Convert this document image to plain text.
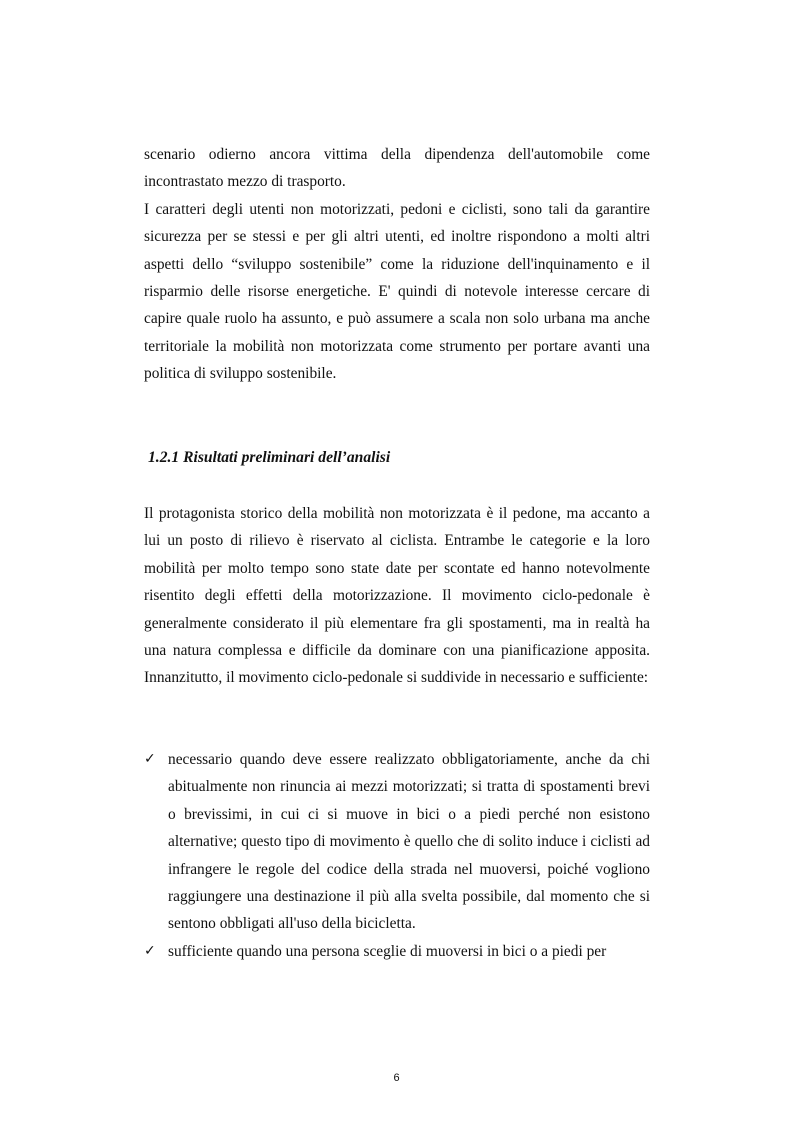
scenario odierno ancora vittima della dipendenza dell'automobile come incontrastato mezzo di trasporto.

I caratteri degli utenti non motorizzati, pedoni e ciclisti, sono tali da garantire sicurezza per se stessi e per gli altri utenti, ed inoltre rispondono a molti altri aspetti dello “sviluppo sostenibile” come la riduzione dell'inquinamento e il risparmio delle risorse energetiche. E' quindi di notevole interesse cercare di capire quale ruolo ha assunto, e può assumere a scala non solo urbana ma anche territoriale la mobilità non motorizzata come strumento per portare avanti una politica di sviluppo sostenibile.

1.2.1 Risultati preliminari dell’analisi
Il protagonista storico della mobilità non motorizzata è il pedone, ma accanto a lui un posto di rilievo è riservato al ciclista. Entrambe le categorie e la loro mobilità per molto tempo sono state date per scontate ed hanno notevolmente risentito degli effetti della motorizzazione. Il movimento ciclo-pedonale è generalmente considerato il più elementare fra gli spostamenti, ma in realtà ha una natura complessa e difficile da dominare con una pianificazione apposita. Innanzitutto, il movimento ciclo-pedonale si suddivide in necessario e sufficiente:
✓ necessario quando deve essere realizzato obbligatoriamente, anche da chi abitualmente non rinuncia ai mezzi motorizzati; si tratta di spostamenti brevi o brevissimi, in cui ci si muove in bici o a piedi perché non esistono alternative; questo tipo di movimento è quello che di solito induce i ciclisti ad infrangere le regole del codice della strada nel muoversi, poiché vogliono raggiungere una destinazione il più alla svelta possibile, dal momento che si sentono obbligati all'uso della bicicletta.
✓ sufficiente quando una persona sceglie di muoversi in bici o a piedi per
6
